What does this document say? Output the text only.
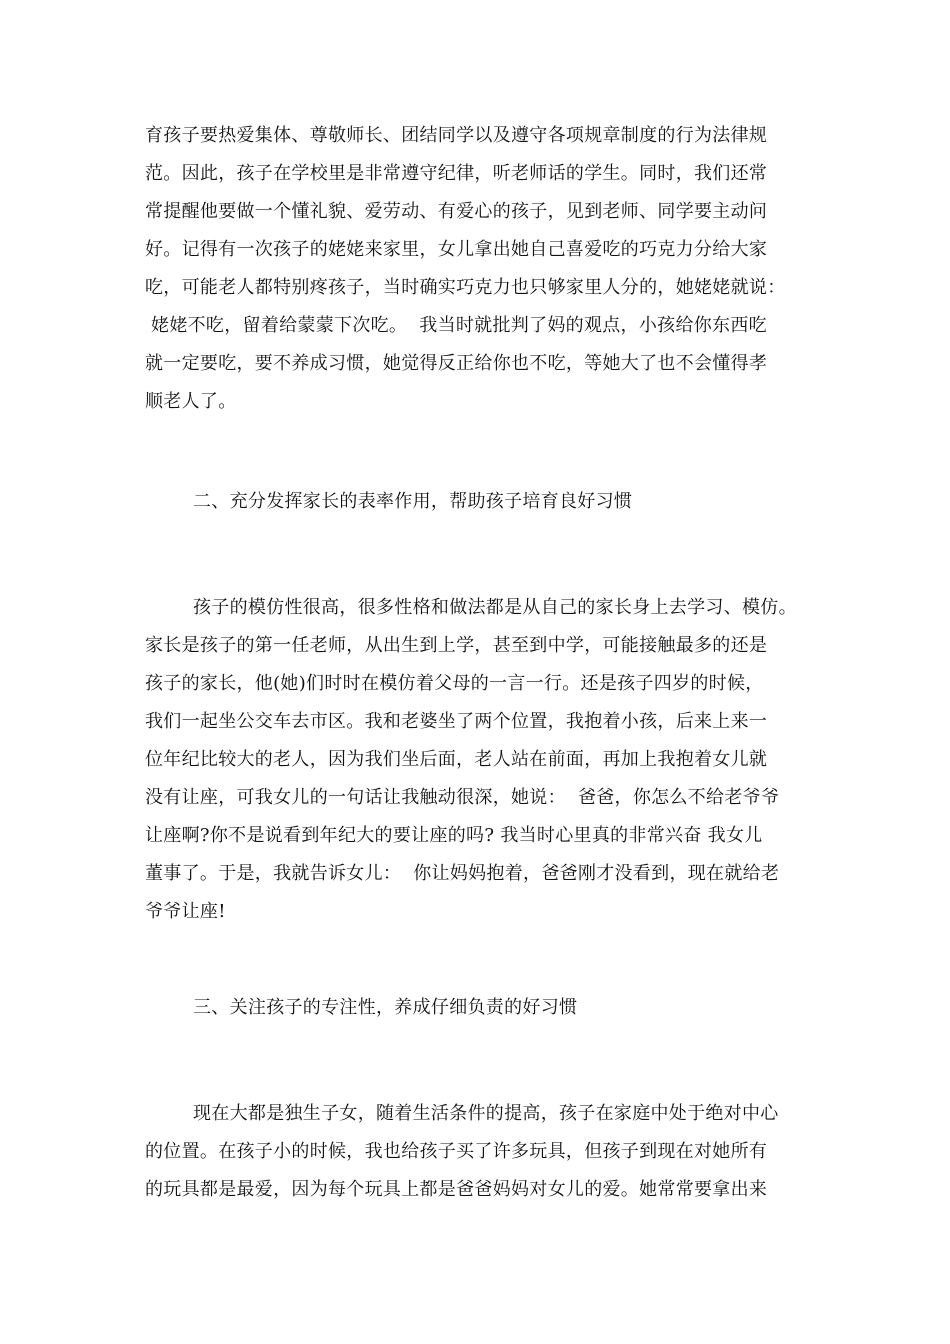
育孩子要热爱集体、尊敬师长、团结同学以及遵守各项规章制度的行为法律规
范。因此，孩子在学校里是非常遵守纪律，听老师话的学生。同时，我们还常
常提醒他要做一个懂礼貌、爱劳动、有爱心的孩子，见到老师、同学要主动问
好。记得有一次孩子的姥姥来家里，女儿拿出她自己喜爱吃的巧克力分给大家
吃，可能老人都特别疼孩子，当时确实巧克力也只够家里人分的，她姥姥就说：
姥姥不吃，留着给蒙蒙下次吃。  我当时就批判了妈的观点，小孩给你东西吃
就一定要吃，要不养成习惯，她觉得反正给你也不吃，等她大了也不会懂得孝
顺老人了。
二、充分发挥家长的表率作用，帮助孩子培育良好习惯
孩子的模仿性很高，很多性格和做法都是从自己的家长身上去学习、模仿。
家长是孩子的第一任老师，从出生到上学，甚至到中学，可能接触最多的还是
孩子的家长，他(她)们时时在模仿着父母的一言一行。还是孩子四岁的时候，
我们一起坐公交车去市区。我和老婆坐了两个位置，我抱着小孩，后来上来一
位年纪比较大的老人，因为我们坐后面，老人站在前面，再加上我抱着女儿就
没有让座，可我女儿的一句话让我触动很深，她说：  爸爸，你怎么不给老爷爷
让座啊?你不是说看到年纪大的要让座的吗? 我当时心里真的非常兴奋 我女儿
董事了。于是，我就告诉女儿：  你让妈妈抱着，爸爸刚才没看到，现在就给老
爷爷让座!
三、关注孩子的专注性，养成仔细负责的好习惯
现在大都是独生子女，随着生活条件的提高，孩子在家庭中处于绝对中心
的位置。在孩子小的时候，我也给孩子买了许多玩具，但孩子到现在对她所有
的玩具都是最爱，因为每个玩具上都是爸爸妈妈对女儿的爱。她常常要拿出来
